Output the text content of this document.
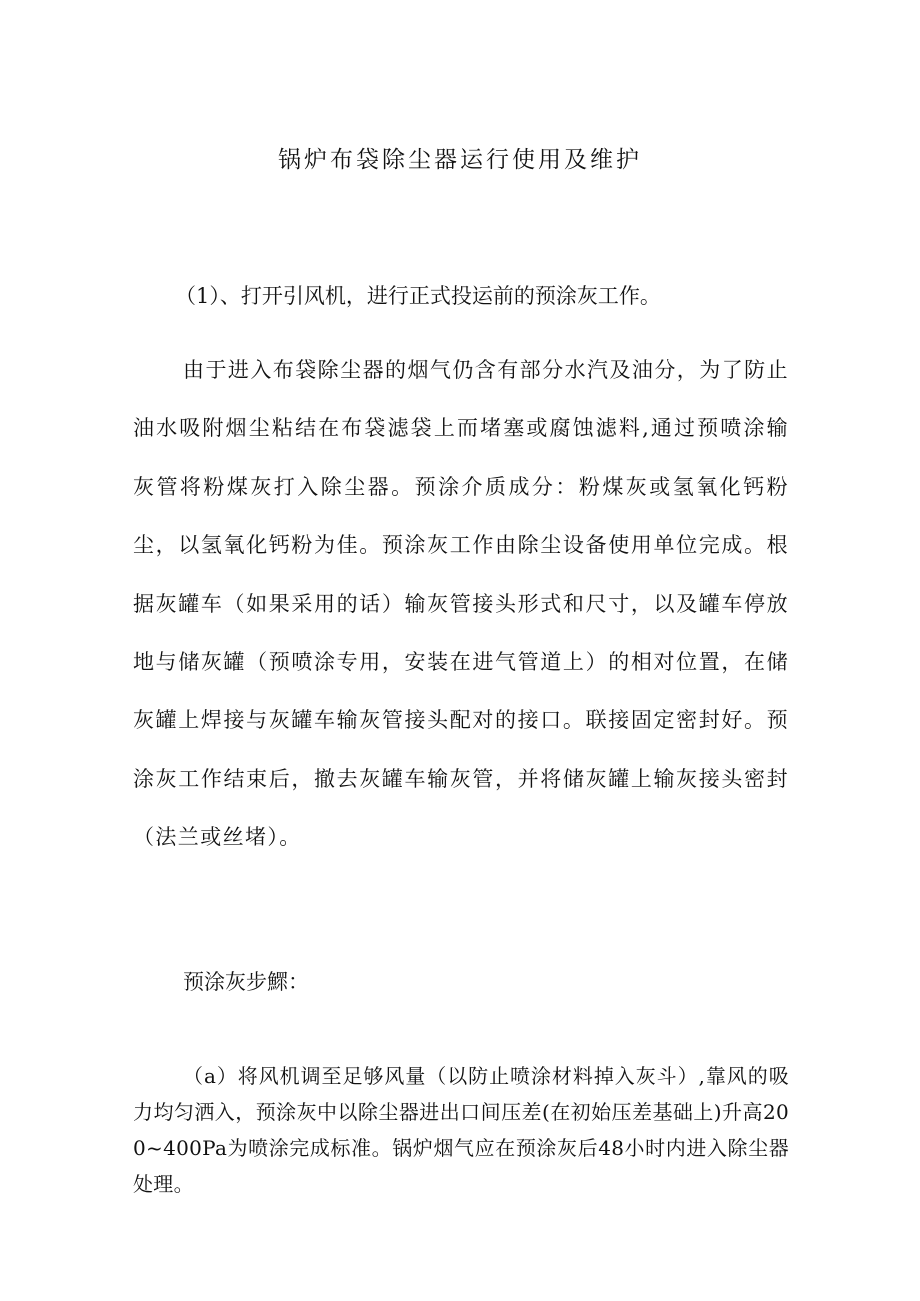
锅炉布袋除尘器运行使用及维护

（1）、打开引风机，进行正式投运前的预涂灰工作。

由于进入布袋除尘器的烟气仍含有部分水汽及油分，为了防止油水吸附烟尘粘结在布袋滤袋上而堵塞或腐蚀滤料,通过预喷涂输灰管将粉煤灰打入除尘器。预涂介质成分：粉煤灰或氢氧化钙粉尘，以氢氧化钙粉为佳。预涂灰工作由除尘设备使用单位完成。根据灰罐车（如果采用的话）输灰管接头形式和尺寸，以及罐车停放地与储灰罐（预喷涂专用，安装在进气管道上）的相对位置，在储灰罐上焊接与灰罐车输灰管接头配对的接口。联接固定密封好。预涂灰工作结束后，撤去灰罐车输灰管，并将储灰罐上输灰接头密封（法兰或丝堵）。

预涂灰步鰥：

（a）将风机调至足够风量（以防止喷涂材料掉入灰斗）,靠风的吸力均匀洒入，预涂灰中以除尘器进出口间压差(在初始压差基础上)升高200~400Pa为喷涂完成标准。锅炉烟气应在预涂灰后48小时内进入除尘器处理。
